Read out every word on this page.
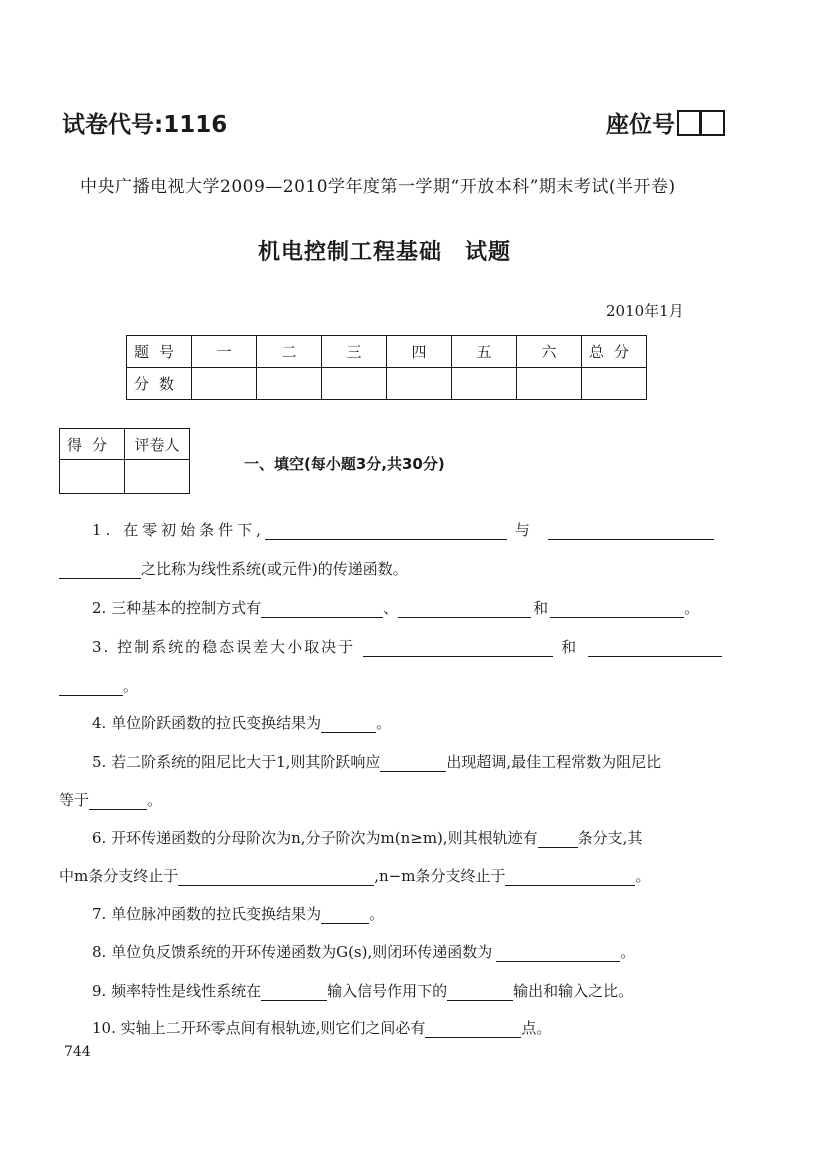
试卷代号:1116	座位号
中央广播电视大学2009—2010学年度第一学期“开放本科”期末考试(半开卷)
机电控制工程基础　试题
2010年1月
题号	一	二	三	四	五	六	总分
分数							
得分	评卷人

一、填空(每小题3分,共30分)
1. 在零初始条件下,	与
之比称为线性系统(或元件)的传递函数。
2. 三种基本的控制方式有	、	和	。
3. 控制系统的稳态误差大小取决于	和
。
4. 单位阶跃函数的拉氏变换结果为	。
5. 若二阶系统的阻尼比大于1,则其阶跃响应	出现超调,最佳工程常数为阻尼比
等于	。
6. 开环传递函数的分母阶次为n,分子阶次为m(n≥m),则其根轨迹有	条分支,其
中m条分支终止于	,n−m条分支终止于	。
7. 单位脉冲函数的拉氏变换结果为	。
8. 单位负反馈系统的开环传递函数为G(s),则闭环传递函数为	。
9. 频率特性是线性系统在	输入信号作用下的	输出和输入之比。
10. 实轴上二开环零点间有根轨迹,则它们之间必有	点。
744
